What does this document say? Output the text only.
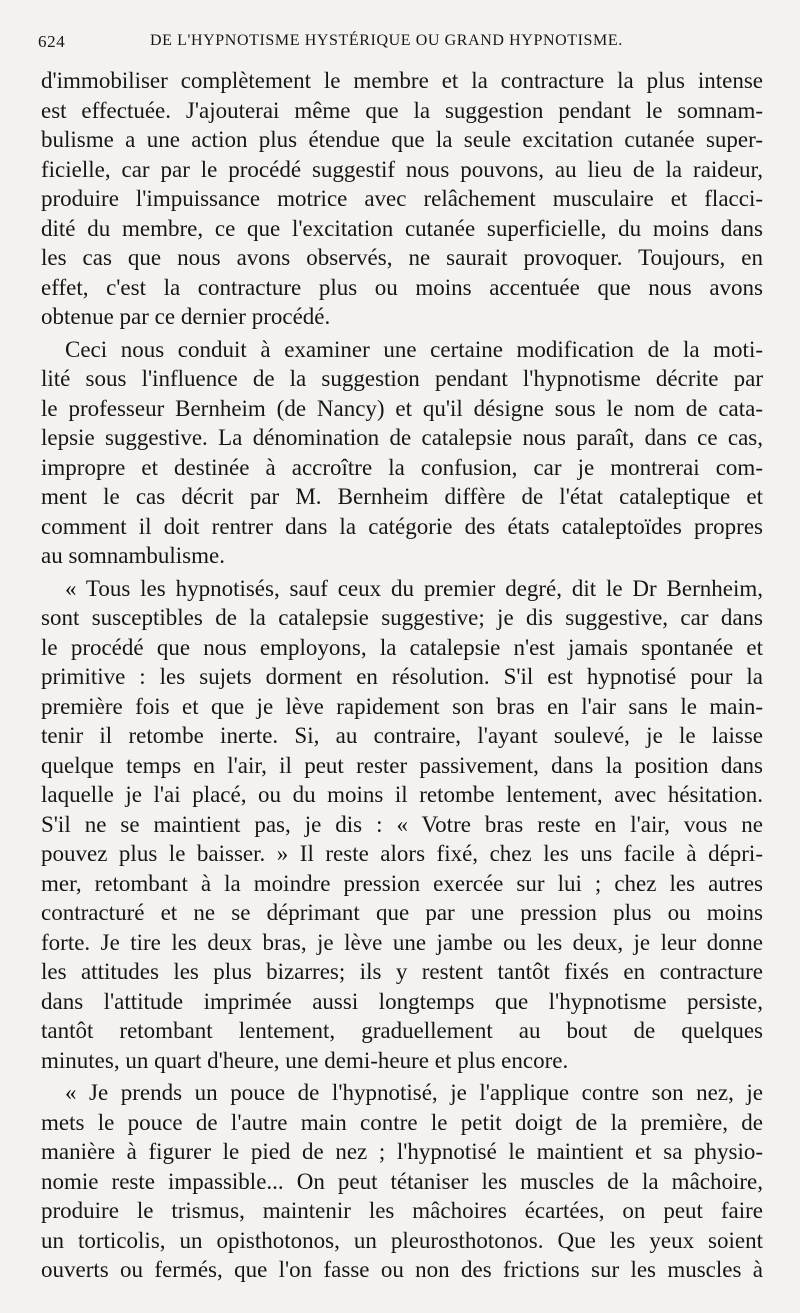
624	DE L'HYPNOTISME HYSTÉRIQUE OU GRAND HYPNOTISME.
d'immobiliser complètement le membre et la contracture la plus intense
est effectuée. J'ajouterai même que la suggestion pendant le somnam-
bulisme a une action plus étendue que la seule excitation cutanée super-
ficielle, car par le procédé suggestif nous pouvons, au lieu de la raideur,
produire l'impuissance motrice avec relâchement musculaire et flacci-
dité du membre, ce que l'excitation cutanée superficielle, du moins dans
les cas que nous avons observés, ne saurait provoquer. Toujours, en
effet, c'est la contracture plus ou moins accentuée que nous avons
obtenue par ce dernier procédé.
Ceci nous conduit à examiner une certaine modification de la moti-
lité sous l'influence de la suggestion pendant l'hypnotisme décrite par
le professeur Bernheim (de Nancy) et qu'il désigne sous le nom de cata-
lepsie suggestive. La dénomination de catalepsie nous paraît, dans ce cas,
impropre et destinée à accroître la confusion, car je montrerai com-
ment le cas décrit par M. Bernheim diffère de l'état cataleptique et
comment il doit rentrer dans la catégorie des états cataleptoïdes propres
au somnambulisme.
« Tous les hypnotisés, sauf ceux du premier degré, dit le Dr Bernheim,
sont susceptibles de la catalepsie suggestive; je dis suggestive, car dans
le procédé que nous employons, la catalepsie n'est jamais spontanée et
primitive : les sujets dorment en résolution. S'il est hypnotisé pour la
première fois et que je lève rapidement son bras en l'air sans le main-
tenir il retombe inerte. Si, au contraire, l'ayant soulevé, je le laisse
quelque temps en l'air, il peut rester passivement, dans la position dans
laquelle je l'ai placé, ou du moins il retombe lentement, avec hésitation.
S'il ne se maintient pas, je dis : « Votre bras reste en l'air, vous ne
pouvez plus le baisser. » Il reste alors fixé, chez les uns facile à dépri-
mer, retombant à la moindre pression exercée sur lui ; chez les autres
contracturé et ne se déprimant que par une pression plus ou moins
forte. Je tire les deux bras, je lève une jambe ou les deux, je leur donne
les attitudes les plus bizarres; ils y restent tantôt fixés en contracture
dans l'attitude imprimée aussi longtemps que l'hypnotisme persiste,
tantôt retombant lentement, graduellement au bout de quelques
minutes, un quart d'heure, une demi-heure et plus encore.
« Je prends un pouce de l'hypnotisé, je l'applique contre son nez, je
mets le pouce de l'autre main contre le petit doigt de la première, de
manière à figurer le pied de nez ; l'hypnotisé le maintient et sa physio-
nomie reste impassible... On peut tétaniser les muscles de la mâchoire,
produire le trismus, maintenir les mâchoires écartées, on peut faire
un torticolis, un opisthotonos, un pleurosthotonos. Que les yeux soient
ouverts ou fermés, que l'on fasse ou non des frictions sur les muscles à
